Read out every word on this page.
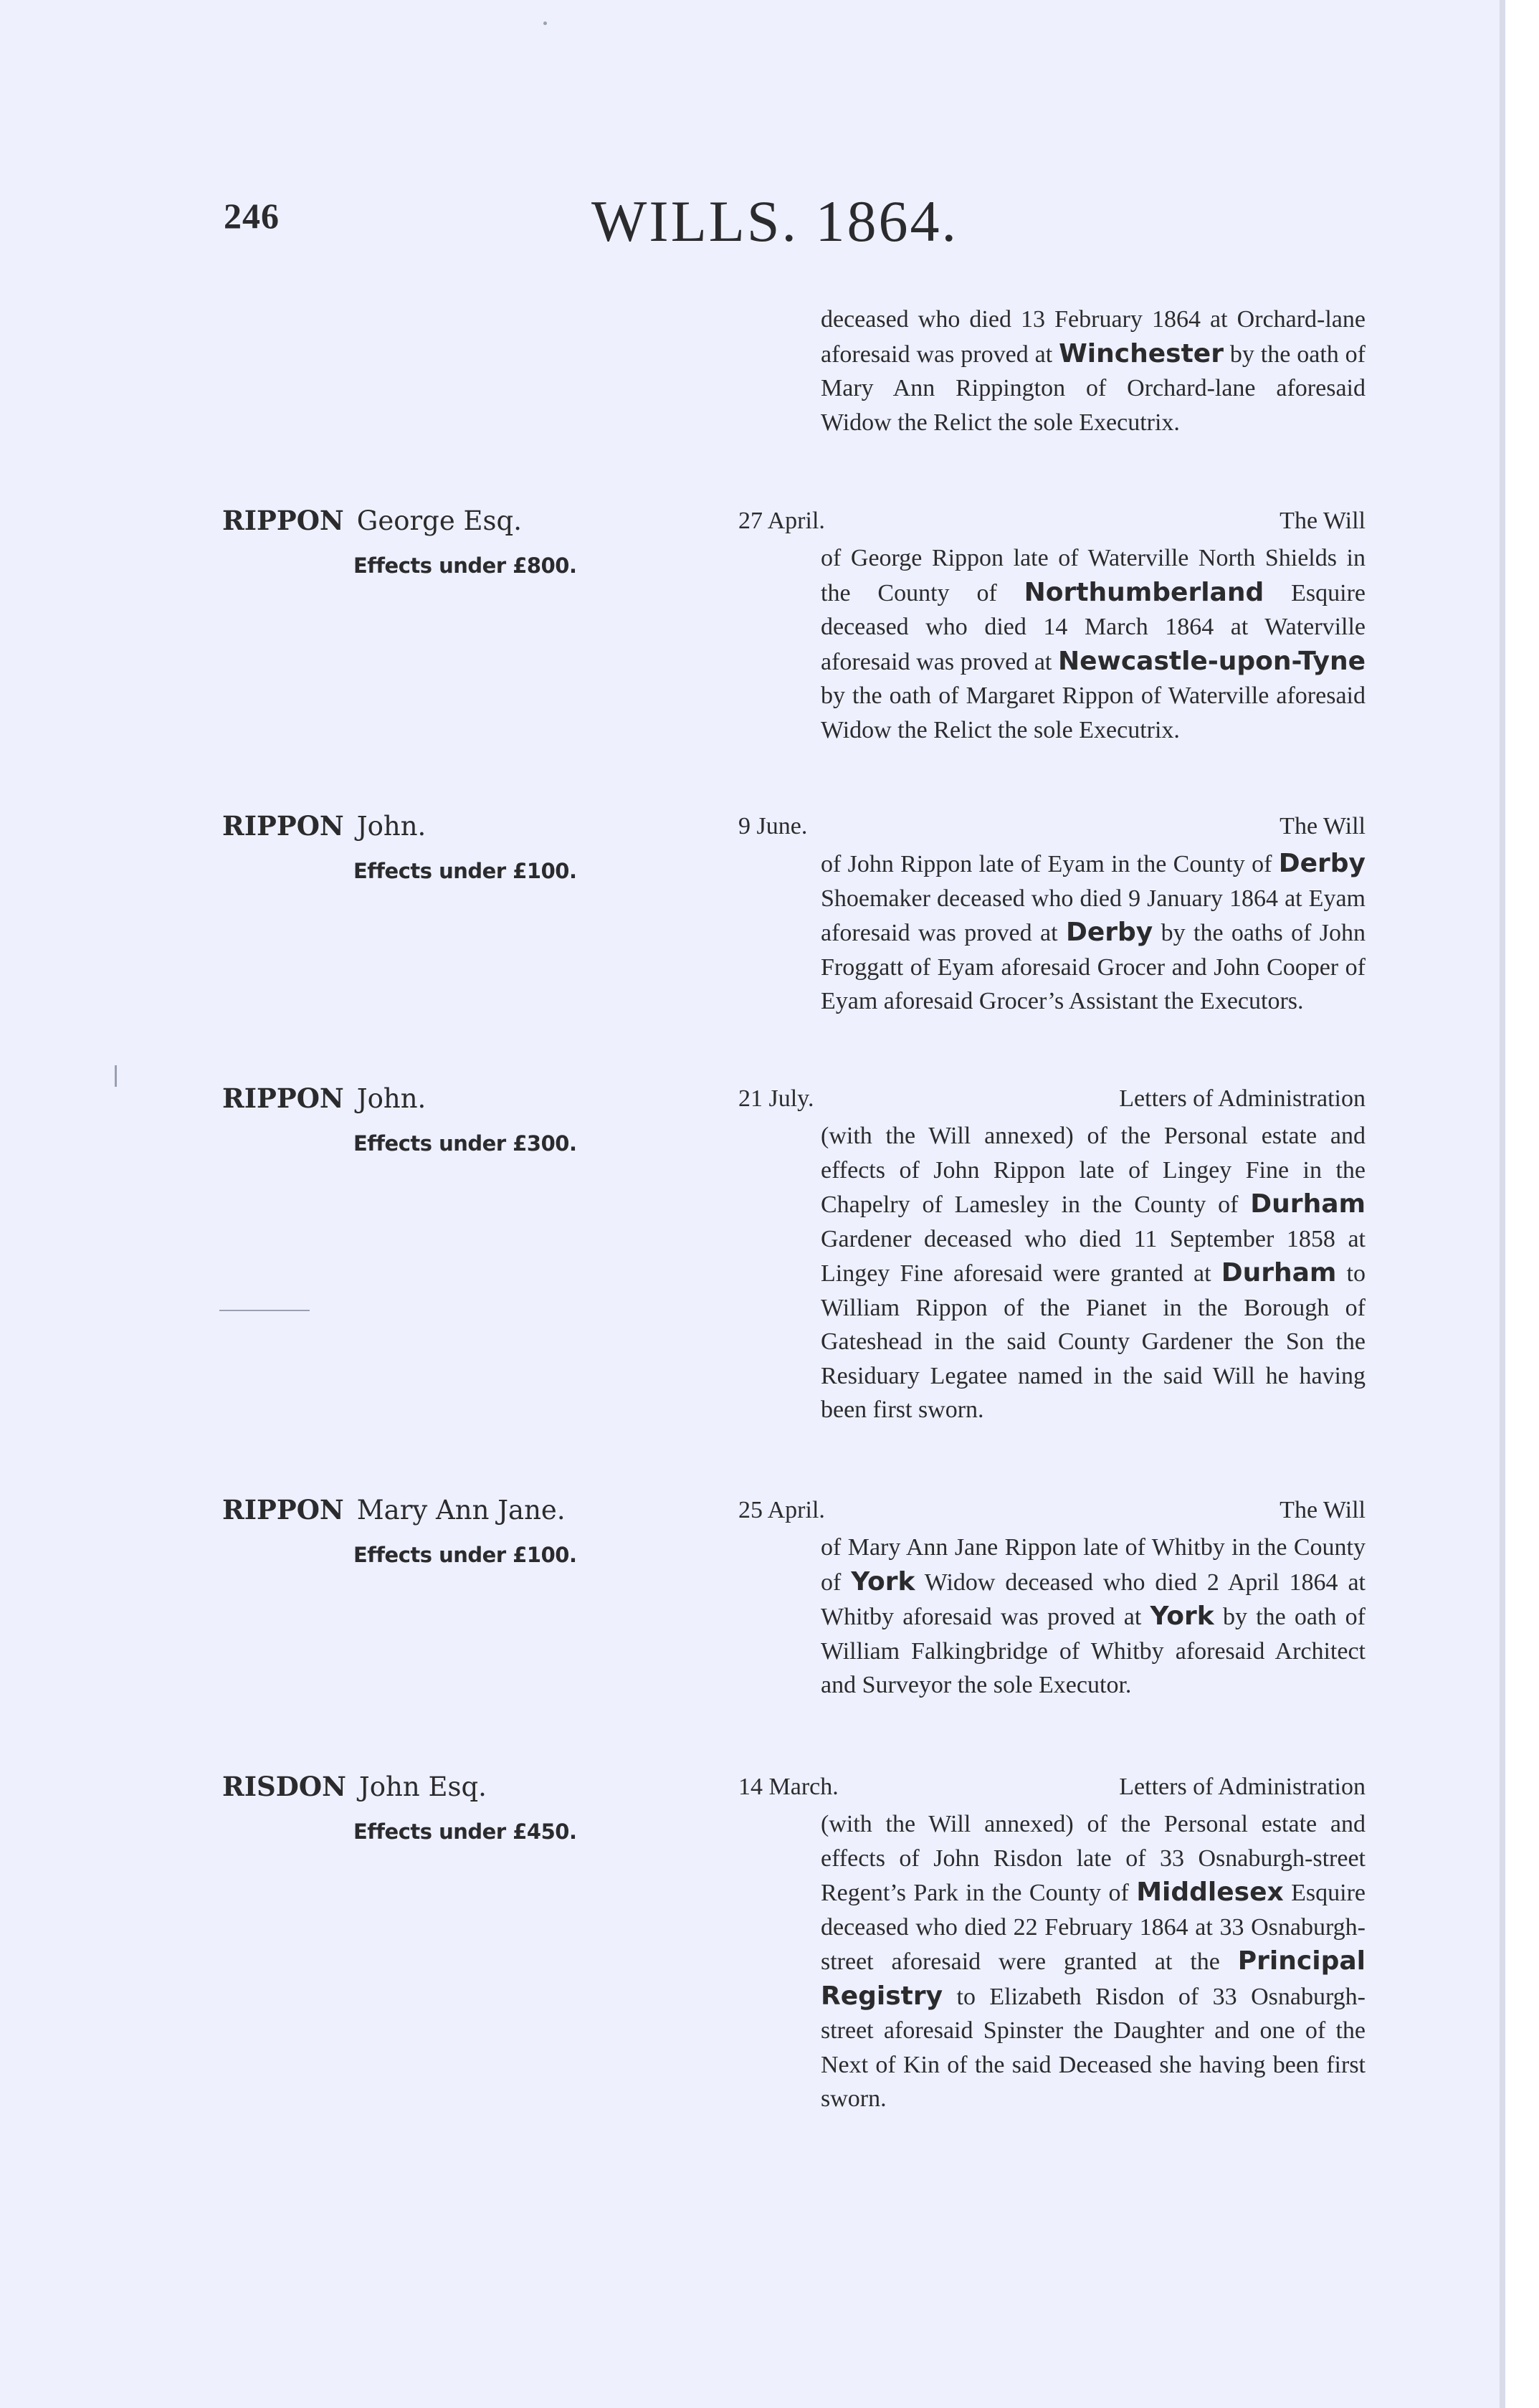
246	WILLS. 1864.
deceased who died 13 February 1864 at Orchard-lane aforesaid was proved at Winchester by the oath of Mary Ann Rippington of Orchard-lane aforesaid Widow the Relict the sole Executrix.
RIPPON George Esq.
Effects under £800.
27 April.	The Will
of George Rippon late of Waterville North Shields in the County of Northumberland Esquire deceased who died 14 March 1864 at Waterville aforesaid was proved at Newcastle-upon-Tyne by the oath of Margaret Rippon of Waterville aforesaid Widow the Relict the sole Executrix.
RIPPON John.
Effects under £100.
9 June.	The Will
of John Rippon late of Eyam in the County of Derby Shoemaker deceased who died 9 January 1864 at Eyam aforesaid was proved at Derby by the oaths of John Froggatt of Eyam aforesaid Grocer and John Cooper of Eyam aforesaid Grocer’s Assistant the Executors.
RIPPON John.
Effects under £300.
21 July.	Letters of Administration
(with the Will annexed) of the Personal estate and effects of John Rippon late of Lingey Fine in the Chapelry of Lamesley in the County of Durham Gardener deceased who died 11 September 1858 at Lingey Fine aforesaid were granted at Durham to William Rippon of the Pianet in the Borough of Gateshead in the said County Gardener the Son the Residuary Legatee named in the said Will he having been first sworn.
RIPPON Mary Ann Jane.
Effects under £100.
25 April.	The Will
of Mary Ann Jane Rippon late of Whitby in the County of York Widow deceased who died 2 April 1864 at Whitby aforesaid was proved at York by the oath of William Falkingbridge of Whitby aforesaid Architect and Surveyor the sole Executor.
RISDON John Esq.
Effects under £450.
14 March.	Letters of Administration
(with the Will annexed) of the Personal estate and effects of John Risdon late of 33 Osnaburgh-street Regent’s Park in the County of Middlesex Esquire deceased who died 22 February 1864 at 33 Osnaburgh-street aforesaid were granted at the Principal Registry to Elizabeth Risdon of 33 Osnaburgh-street aforesaid Spinster the Daughter and one of the Next of Kin of the said Deceased she having been first sworn.
